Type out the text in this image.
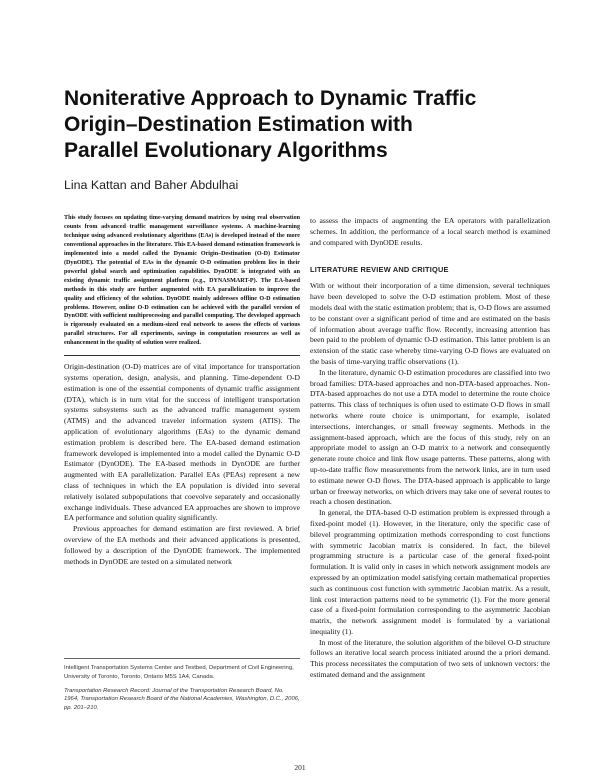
Noniterative Approach to Dynamic Traffic
Origin–Destination Estimation with
Parallel Evolutionary Algorithms
Lina Kattan and Baher Abdulhai

This study focuses on updating time-varying demand matrices by using real observation counts from advanced traffic management surveillance systems. A machine-learning technique using advanced evolutionary algorithms (EAs) is developed instead of the more conventional approaches in the literature. This EA-based demand estimation framework is implemented into a model called the Dynamic Origin–Destination (O-D) Estimator (DynODE). The potential of EAs in the dynamic O-D estimation problem lies in their powerful global search and optimization capabilities. DynODE is integrated with an existing dynamic traffic assignment platform (e.g., DYNASMART-P). The EA-based methods in this study are further augmented with EA parallelization to improve the quality and efficiency of the solution. DynODE mainly addresses offline O-D estimation problems. However, online O-D estimation can be achieved with the parallel version of DynODE with sufficient multiprocessing and parallel computing. The developed approach is rigorously evaluated on a medium-sized real network to assess the effects of various parallel structures. For all experiments, savings in computation resources as well as enhancement in the quality of solution were realized.

Origin-destination (O-D) matrices are of vital importance for transportation systems operation, design, analysis, and planning. Time-dependent O-D estimation is one of the essential components of dynamic traffic assignment (DTA), which is in turn vital for the success of intelligent transportation systems subsystems such as the advanced traffic management system (ATMS) and the advanced traveler information system (ATIS). The application of evolutionary algorithms (EAs) to the dynamic demand estimation problem is described here. The EA-based demand estimation framework developed is implemented into a model called the Dynamic O-D Estimator (DynODE). The EA-based methods in DynODE are further augmented with EA parallelization. Parallel EAs (PEAs) represent a new class of techniques in which the EA population is divided into several relatively isolated subpopulations that coevolve separately and occasionally exchange individuals. These advanced EA approaches are shown to improve EA performance and solution quality significantly.

Previous approaches for demand estimation are first reviewed. A brief overview of the EA methods and their advanced applications is presented, followed by a description of the DynODE framework. The implemented methods in DynODE are tested on a simulated network

to assess the impacts of augmenting the EA operators with parallelization schemes. In addition, the performance of a local search method is examined and compared with DynODE results.

LITERATURE REVIEW AND CRITIQUE

With or without their incorporation of a time dimension, several techniques have been developed to solve the O-D estimation problem. Most of these models deal with the static estimation problem; that is, O-D flows are assumed to be constant over a significant period of time and are estimated on the basis of information about average traffic flow. Recently, increasing attention has been paid to the problem of dynamic O-D estimation. This latter problem is an extension of the static case whereby time-varying O-D flows are evaluated on the basis of time-varying traffic observations (1).

In the literature, dynamic O-D estimation procedures are classified into two broad families: DTA-based approaches and non-DTA-based approaches. Non-DTA-based approaches do not use a DTA model to determine the route choice patterns. This class of techniques is often used to estimate O-D flows in small networks where route choice is unimportant, for example, isolated intersections, interchanges, or small freeway segments. Methods in the assignment-based approach, which are the focus of this study, rely on an appropriate model to assign an O-D matrix to a network and consequently generate route choice and link flow usage patterns. These patterns, along with up-to-date traffic flow measurements from the network links, are in turn used to estimate newer O-D flows. The DTA-based approach is applicable to large urban or freeway networks, on which drivers may take one of several routes to reach a chosen destination.

In general, the DTA-based O-D estimation problem is expressed through a fixed-point model (1). However, in the literature, only the specific case of bilevel programming optimization methods corresponding to cost functions with symmetric Jacobian matrix is considered. In fact, the bilevel programming structure is a particular case of the general fixed-point formulation. It is valid only in cases in which network assignment models are expressed by an optimization model satisfying certain mathematical properties such as continuous cost function with symmetric Jacobian matrix. As a result, link cost interaction patterns need to be symmetric (1). For the more general case of a fixed-point formulation corresponding to the asymmetric Jacobian matrix, the network assignment model is formulated by a variational inequality (1).

In most of the literature, the solution algorithm of the bilevel O-D structure follows an iterative local search process initiated around the a priori demand. This process necessitates the computation of two sets of unknown vectors: the estimated demand and the assignment

Intelligent Transportation Systems Center and Testbed, Department of Civil Engineering, University of Toronto, Toronto, Ontario M5S 1A4, Canada.

Transportation Research Record: Journal of the Transportation Research Board, No. 1964, Transportation Research Board of the National Academies, Washington, D.C., 2006, pp. 201–210.

201
